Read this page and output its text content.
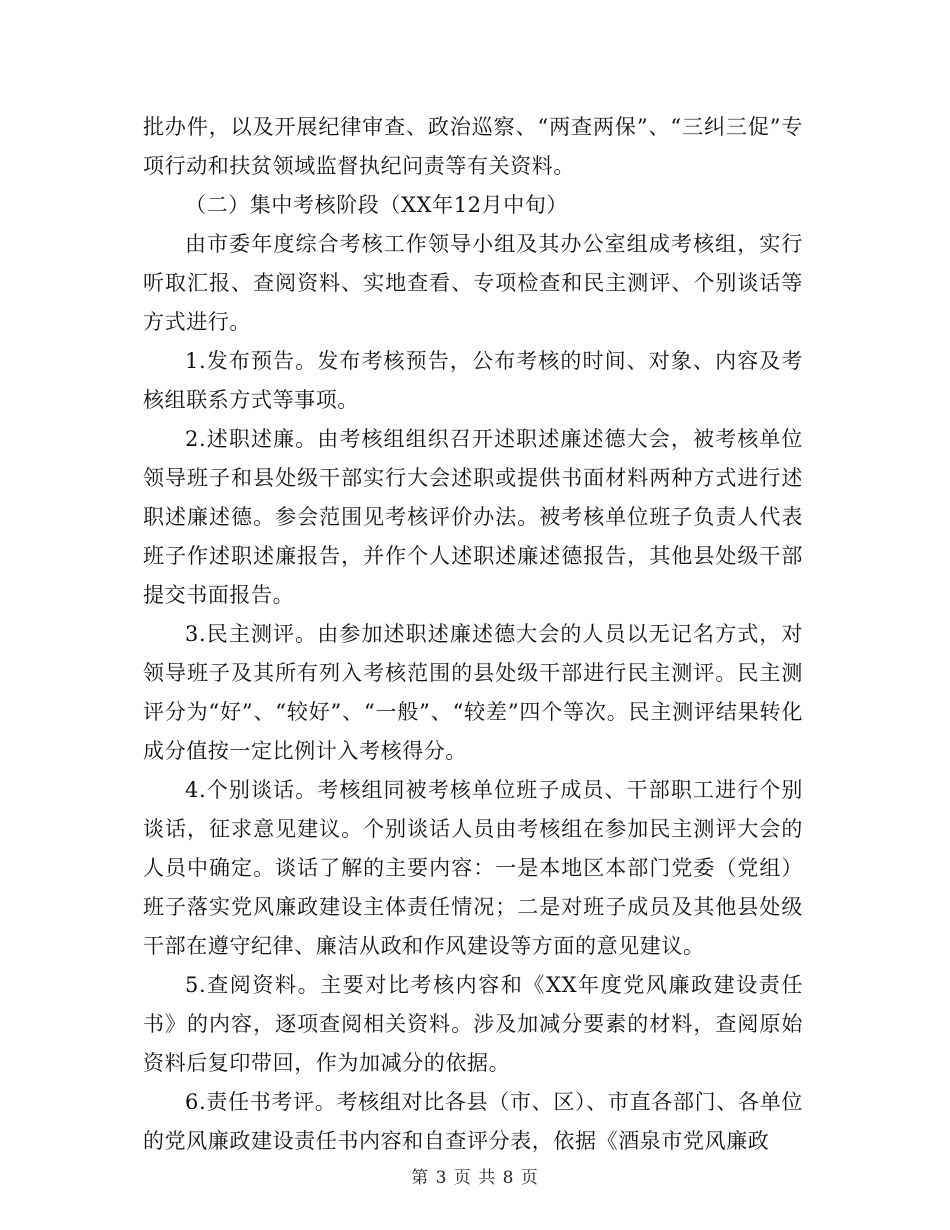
批办件，以及开展纪律审查、政治巡察、“两查两保”、“三纠三促”专项行动和扶贫领域监督执纪问责等有关资料。

（二）集中考核阶段（XX年12月中旬）

由市委年度综合考核工作领导小组及其办公室组成考核组，实行听取汇报、查阅资料、实地查看、专项检查和民主测评、个别谈话等方式进行。

1.发布预告。发布考核预告，公布考核的时间、对象、内容及考核组联系方式等事项。

2.述职述廉。由考核组组织召开述职述廉述德大会，被考核单位领导班子和县处级干部实行大会述职或提供书面材料两种方式进行述职述廉述德。参会范围见考核评价办法。被考核单位班子负责人代表班子作述职述廉报告，并作个人述职述廉述德报告，其他县处级干部提交书面报告。

3.民主测评。由参加述职述廉述德大会的人员以无记名方式，对领导班子及其所有列入考核范围的县处级干部进行民主测评。民主测评分为“好”、“较好”、“一般”、“较差”四个等次。民主测评结果转化成分值按一定比例计入考核得分。

4.个别谈话。考核组同被考核单位班子成员、干部职工进行个别谈话，征求意见建议。个别谈话人员由考核组在参加民主测评大会的人员中确定。谈话了解的主要内容：一是本地区本部门党委（党组）班子落实党风廉政建设主体责任情况；二是对班子成员及其他县处级干部在遵守纪律、廉洁从政和作风建设等方面的意见建议。

5.查阅资料。主要对比考核内容和《XX年度党风廉政建设责任书》的内容，逐项查阅相关资料。涉及加减分要素的材料，查阅原始资料后复印带回，作为加减分的依据。

6.责任书考评。考核组对比各县（市、区）、市直各部门、各单位的党风廉政建设责任书内容和自查评分表，依据《酒泉市党风廉政

第 3 页 共 8 页
